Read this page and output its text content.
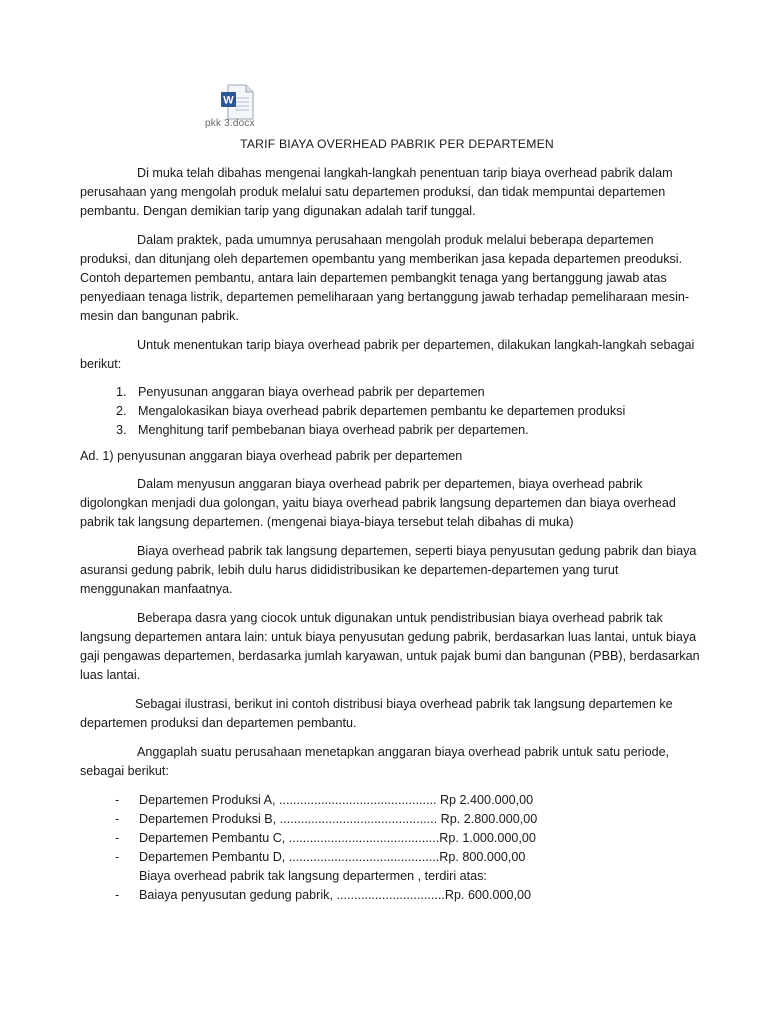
W
pkk 3.docx
TARIF BIAYA OVERHEAD PABRIK PER DEPARTEMEN

Di muka telah dibahas mengenai langkah-langkah penentuan tarip biaya overhead pabrik dalam perusahaan yang mengolah produk melalui satu departemen produksi, dan tidak mempuntai departemen pembantu. Dengan demikian tarip yang digunakan adalah tarif tunggal.

Dalam praktek, pada umumnya perusahaan mengolah produk melalui beberapa departemen produksi, dan ditunjang oleh departemen opembantu yang memberikan jasa kepada departemen preoduksi. Contoh departemen pembantu, antara lain departemen pembangkit tenaga yang bertanggung jawab atas penyediaan tenaga listrik, departemen pemeliharaan yang bertanggung jawab terhadap pemeliharaan mesin-mesin dan bangunan pabrik.

Untuk menentukan tarip biaya overhead pabrik per departemen, dilakukan langkah-langkah sebagai berikut:

1. Penyusunan anggaran biaya overhead pabrik per departemen
2. Mengalokasikan biaya overhead pabrik departemen pembantu ke departemen produksi
3. Menghitung tarif pembebanan biaya overhead pabrik per departemen.

Ad. 1) penyusunan anggaran biaya overhead pabrik per departemen

Dalam menyusun anggaran biaya overhead pabrik per departemen, biaya overhead pabrik digolongkan menjadi dua golongan, yaitu biaya overhead pabrik langsung departemen dan biaya overhead pabrik tak langsung departemen. (mengenai biaya-biaya tersebut telah dibahas di muka)

Biaya overhead pabrik tak langsung departemen, seperti biaya penyusutan gedung pabrik dan biaya asuransi gedung pabrik, lebih dulu harus dididistribusikan ke departemen-departemen yang turut menggunakan manfaatnya.

Beberapa dasra yang ciocok untuk digunakan untuk pendistribusian biaya overhead pabrik tak langsung departemen antara lain: untuk biaya penyusutan gedung pabrik, berdasarkan luas lantai, untuk biaya gaji pengawas departemen, berdasarka jumlah karyawan, untuk pajak bumi dan bangunan (PBB), berdasarkan luas lantai.

Sebagai ilustrasi, berikut ini contoh distribusi biaya overhead pabrik tak langsung departemen ke departemen produksi dan departemen pembantu.

Anggaplah suatu perusahaan menetapkan anggaran biaya overhead pabrik untuk satu periode, sebagai berikut:

-	Departemen Produksi A, ............................................. Rp 2.400.000,00
-	Departemen Produksi B, ............................................. Rp. 2.800.000,00
-	Departemen Pembantu C, ...........................................Rp. 1.000.000,00
-	Departemen Pembantu D, ...........................................Rp. 800.000,00

Biaya overhead pabrik tak langsung departermen , terdiri atas:

-	Baiaya penyusutan gedung pabrik, ...............................Rp. 600.000,00
